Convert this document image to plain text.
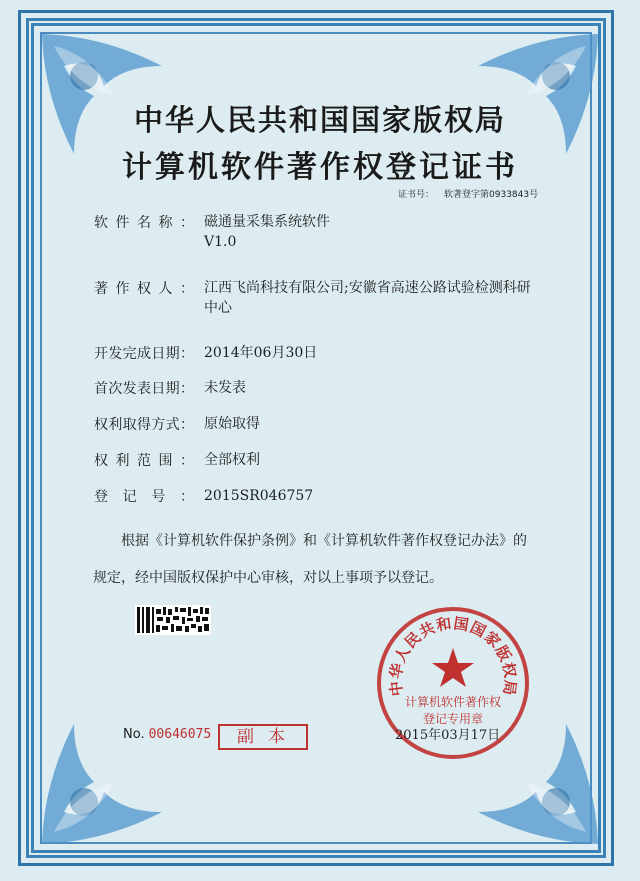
中华人民共和国国家版权局
计算机软件著作权登记证书
证书号： 软著登字第0933843号
软件名称： 磁通量采集系统软件
V1.0
著作权人： 江西飞尚科技有限公司;安徽省高速公路试验检测科研
中心
开发完成日期： 2014年06月30日
首次发表日期： 未发表
权利取得方式： 原始取得
权利范围： 全部权利
登记号： 2015SR046757
根据《计算机软件保护条例》和《计算机软件著作权登记办法》的
规定，经中国版权保护中心审核，对以上事项予以登记。
No. 00646075	副本
中华人民共和国国家版权局
计算机软件著作权
登记专用章
2015年03月17日
